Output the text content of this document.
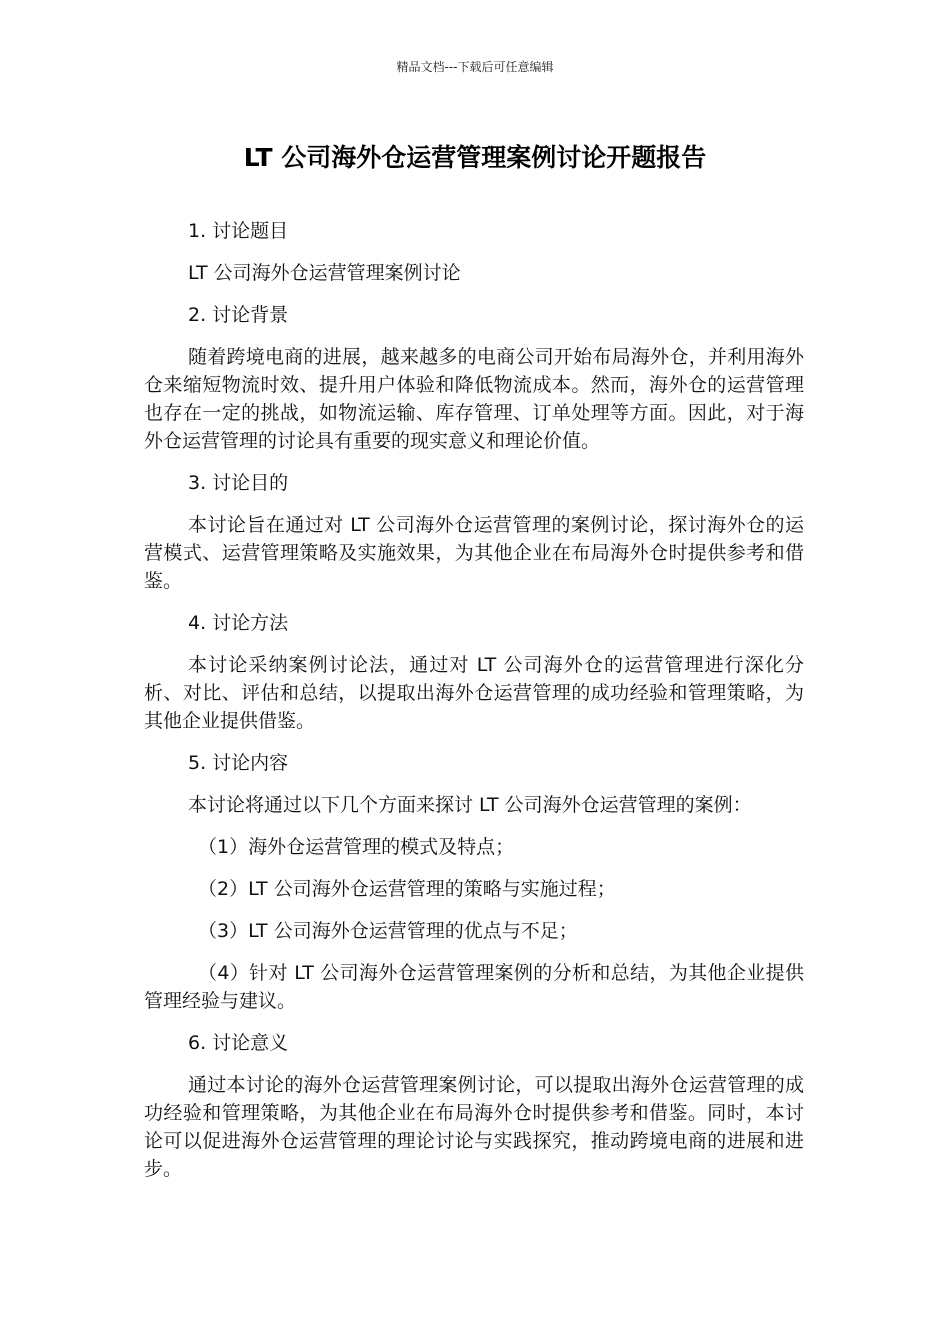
精品文档---下载后可任意编辑
LT 公司海外仓运营管理案例讨论开题报告

1. 讨论题目

LT 公司海外仓运营管理案例讨论

2. 讨论背景

随着跨境电商的进展，越来越多的电商公司开始布局海外仓，并利用海外仓来缩短物流时效、提升用户体验和降低物流成本。然而，海外仓的运营管理也存在一定的挑战，如物流运输、库存管理、订单处理等方面。因此，对于海外仓运营管理的讨论具有重要的现实意义和理论价值。

3. 讨论目的

本讨论旨在通过对 LT 公司海外仓运营管理的案例讨论，探讨海外仓的运营模式、运营管理策略及实施效果，为其他企业在布局海外仓时提供参考和借鉴。

4. 讨论方法

本讨论采纳案例讨论法，通过对 LT 公司海外仓的运营管理进行深化分析、对比、评估和总结，以提取出海外仓运营管理的成功经验和管理策略，为其他企业提供借鉴。

5. 讨论内容

本讨论将通过以下几个方面来探讨 LT 公司海外仓运营管理的案例：

（1）海外仓运营管理的模式及特点；

（2）LT 公司海外仓运营管理的策略与实施过程；

（3）LT 公司海外仓运营管理的优点与不足；

（4）针对 LT 公司海外仓运营管理案例的分析和总结，为其他企业提供管理经验与建议。

6. 讨论意义

通过本讨论的海外仓运营管理案例讨论，可以提取出海外仓运营管理的成功经验和管理策略，为其他企业在布局海外仓时提供参考和借鉴。同时，本讨论可以促进海外仓运营管理的理论讨论与实践探究，推动跨境电商的进展和进步。
